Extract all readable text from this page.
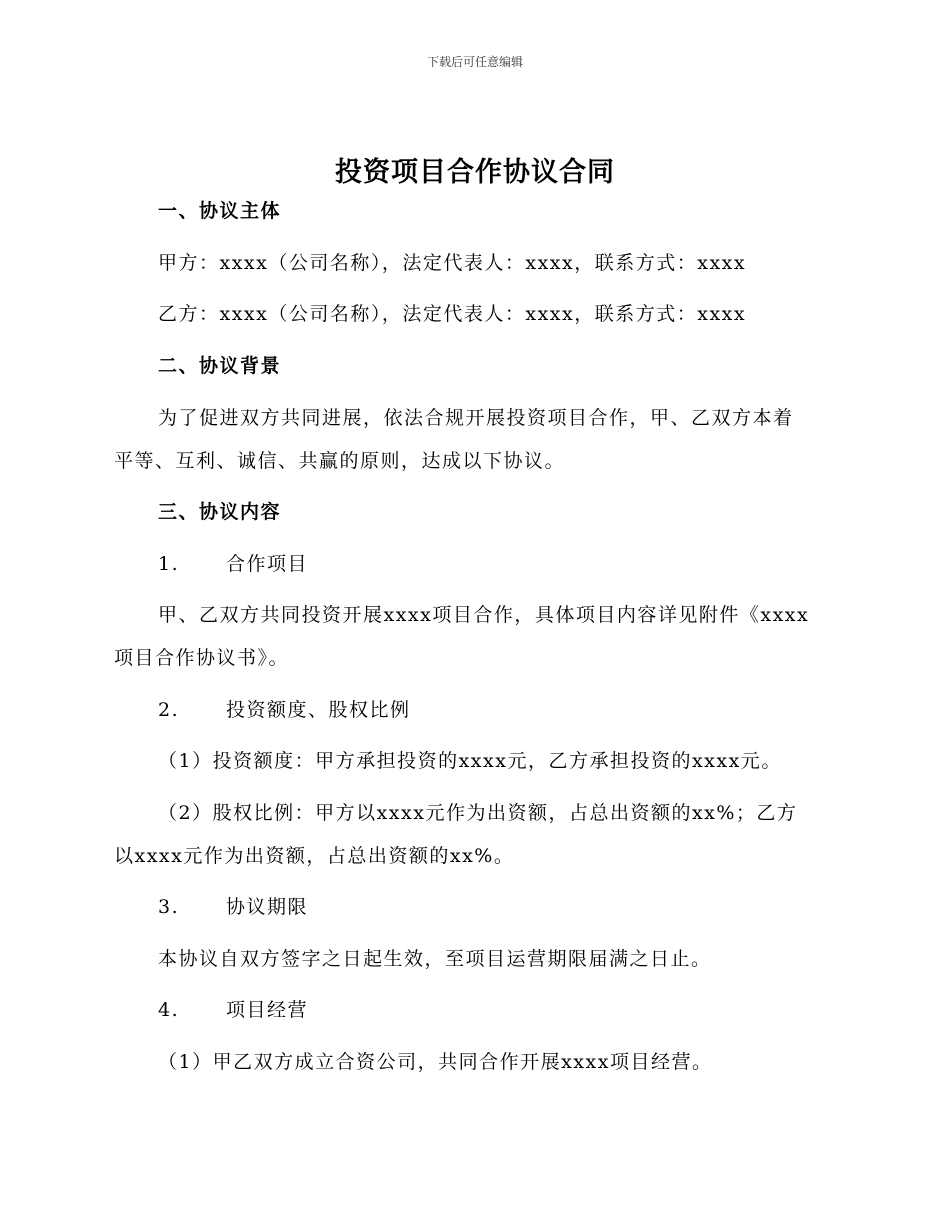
下载后可任意编辑
投资项目合作协议合同
一、协议主体
甲方：xxxx（公司名称），法定代表人：xxxx，联系方式：xxxx
乙方：xxxx（公司名称），法定代表人：xxxx，联系方式：xxxx
二、协议背景
为了促进双方共同进展，依法合规开展投资项目合作，甲、乙双方本着
平等、互利、诚信、共赢的原则，达成以下协议。
三、协议内容
1. 合作项目
甲、乙双方共同投资开展xxxx项目合作，具体项目内容详见附件《xxxx
项目合作协议书》。
2. 投资额度、股权比例
（1）投资额度：甲方承担投资的xxxx元，乙方承担投资的xxxx元。
（2）股权比例：甲方以xxxx元作为出资额，占总出资额的xx%；乙方
以xxxx元作为出资额，占总出资额的xx%。
3. 协议期限
本协议自双方签字之日起生效，至项目运营期限届满之日止。
4. 项目经营
（1）甲乙双方成立合资公司，共同合作开展xxxx项目经营。
